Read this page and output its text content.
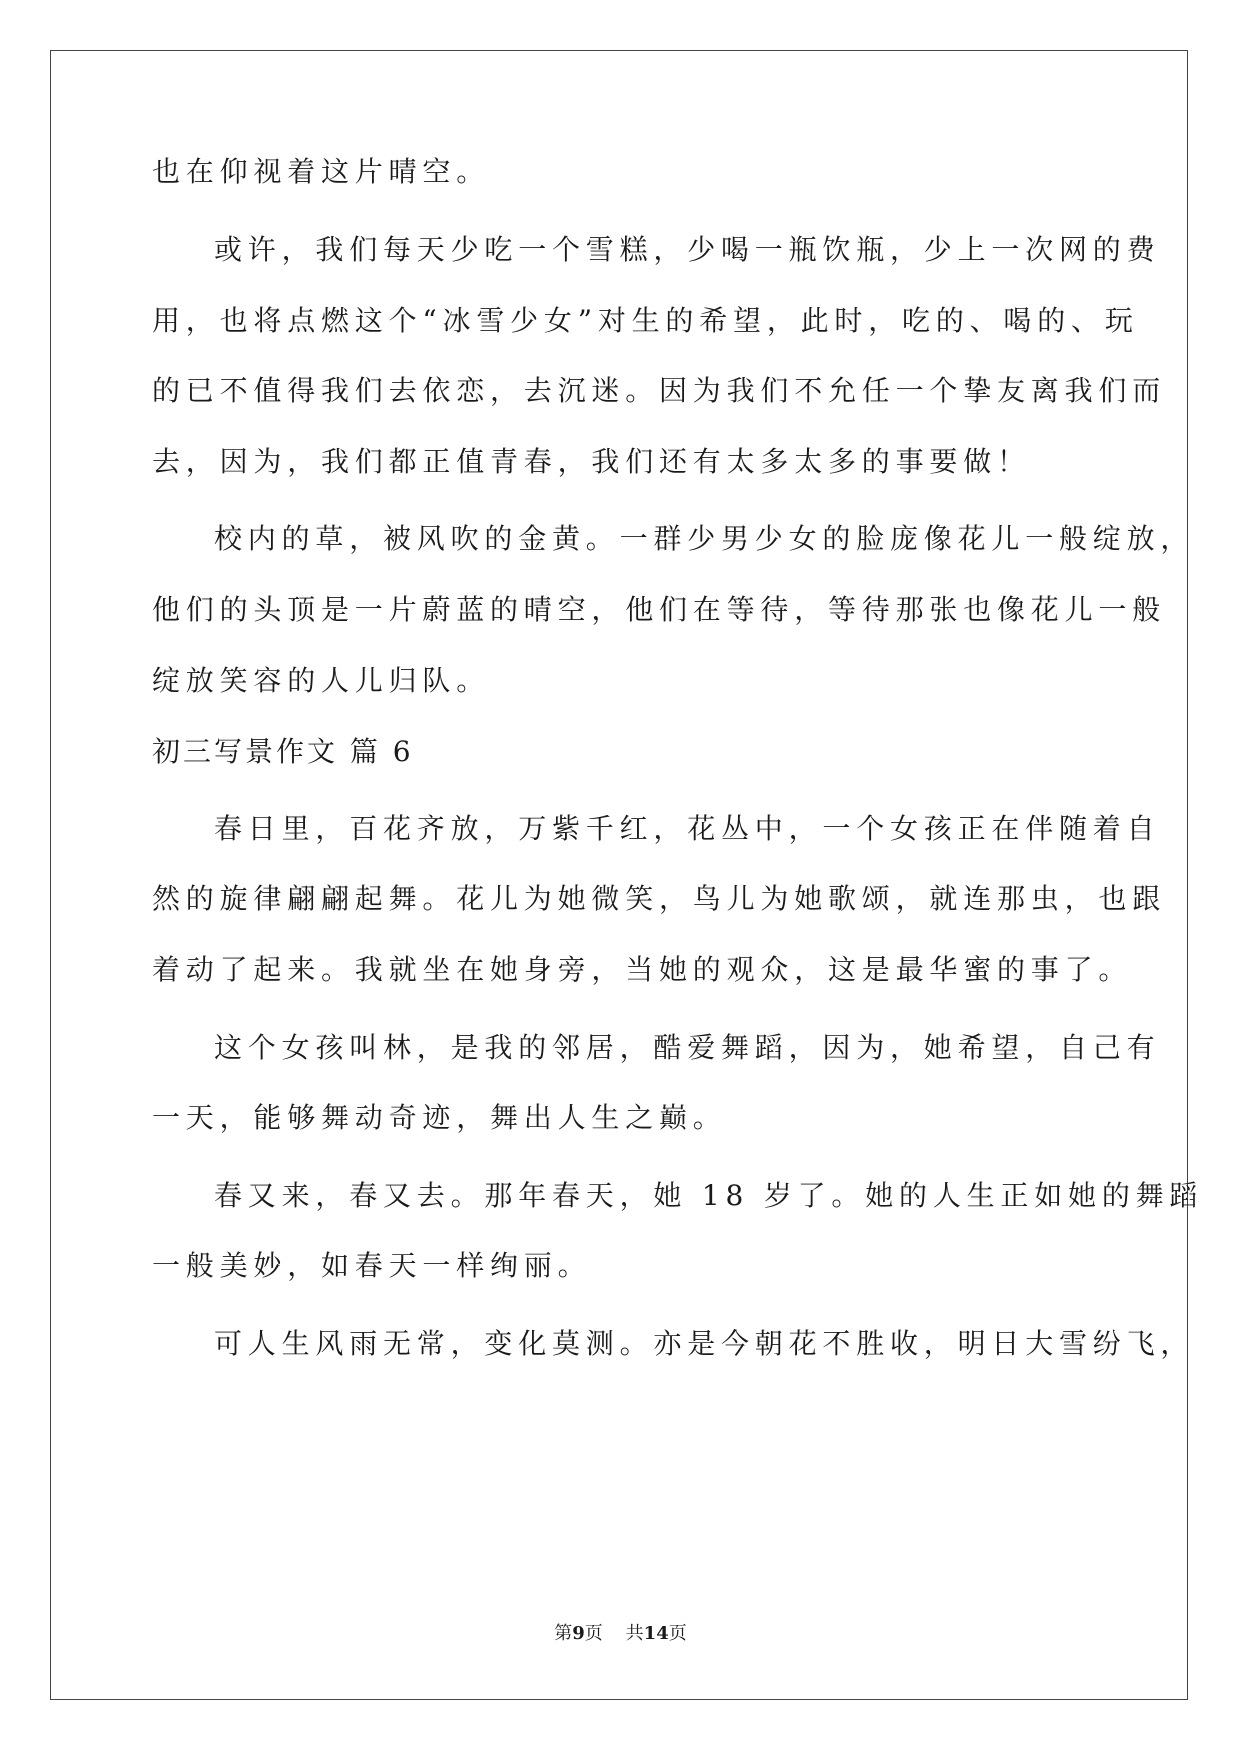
也在仰视着这片晴空。
或许，我们每天少吃一个雪糕，少喝一瓶饮瓶，少上一次网的费
用，也将点燃这个“冰雪少女”对生的希望，此时，吃的、喝的、玩
的已不值得我们去依恋，去沉迷。因为我们不允任一个挚友离我们而
去，因为，我们都正值青春，我们还有太多太多的事要做！
校内的草，被风吹的金黄。一群少男少女的脸庞像花儿一般绽放，
他们的头顶是一片蔚蓝的晴空，他们在等待，等待那张也像花儿一般
绽放笑容的人儿归队。
初三写景作文 篇 6
春日里，百花齐放，万紫千红，花丛中，一个女孩正在伴随着自
然的旋律翩翩起舞。花儿为她微笑，鸟儿为她歌颂，就连那虫，也跟
着动了起来。我就坐在她身旁，当她的观众，这是最华蜜的事了。
这个女孩叫林，是我的邻居，酷爱舞蹈，因为，她希望，自己有
一天，能够舞动奇迹，舞出人生之巅。
春又来，春又去。那年春天，她 18 岁了。她的人生正如她的舞蹈
一般美妙，如春天一样绚丽。
可人生风雨无常，变化莫测。亦是今朝花不胜收，明日大雪纷飞，
第9页 共14页
